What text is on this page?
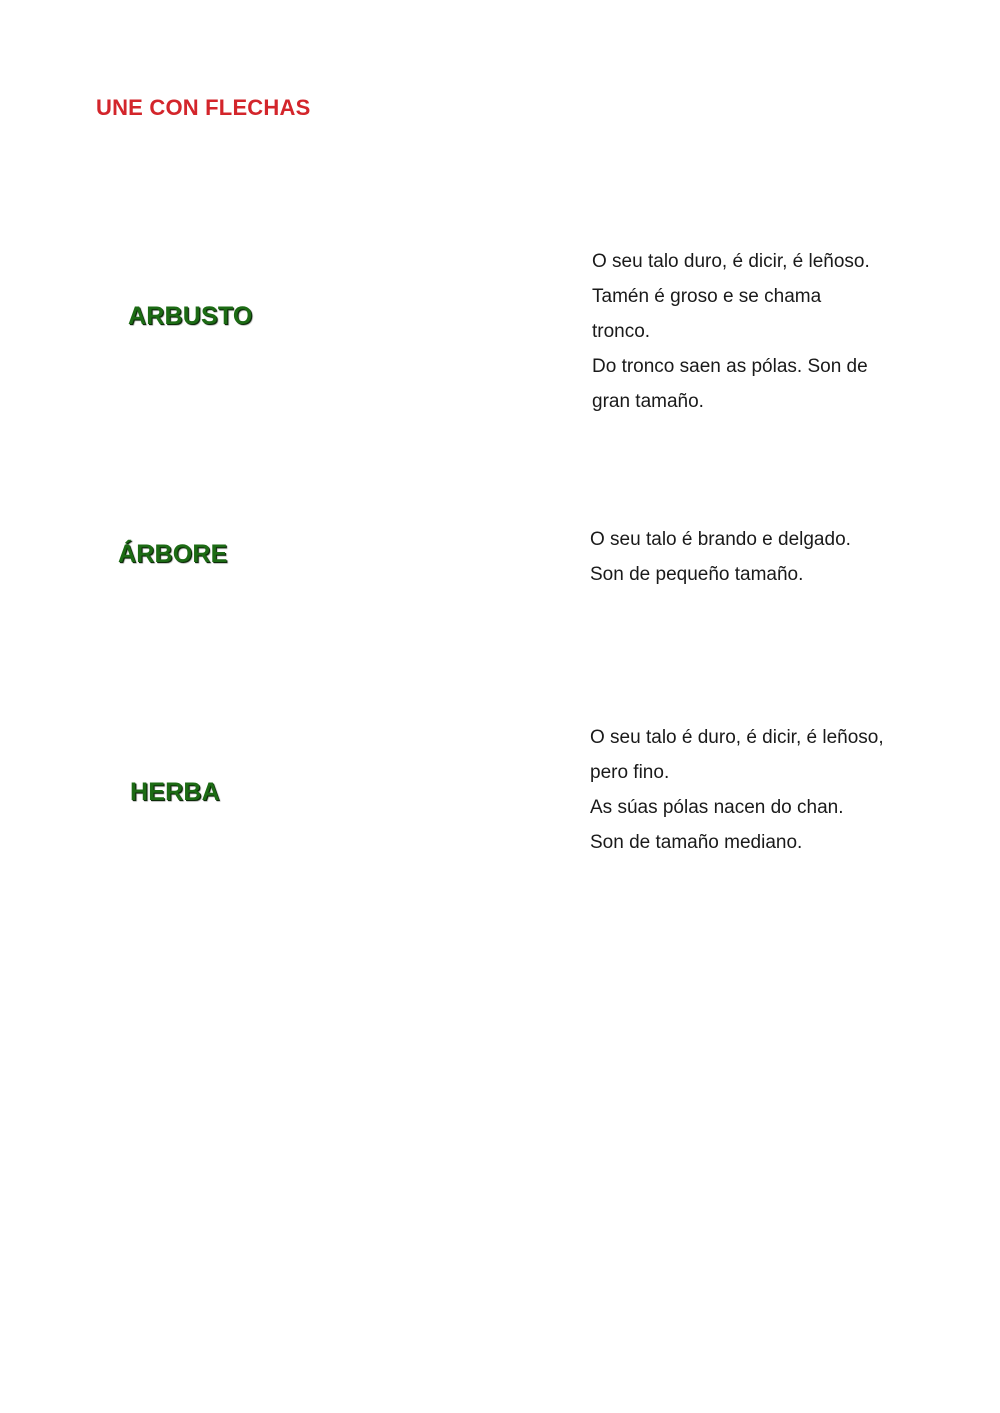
UNE CON FLECHAS
ARBUSTO
ÁRBORE
HERBA
O seu talo duro, é dicir, é leñoso.
Tamén é groso e se chama
tronco.
Do tronco saen as pólas. Son de
gran tamaño.
O seu talo é brando e delgado.
Son de pequeño tamaño.
O seu talo é duro, é dicir, é leñoso,
pero fino.
As súas pólas nacen do chan.
Son de tamaño mediano.
